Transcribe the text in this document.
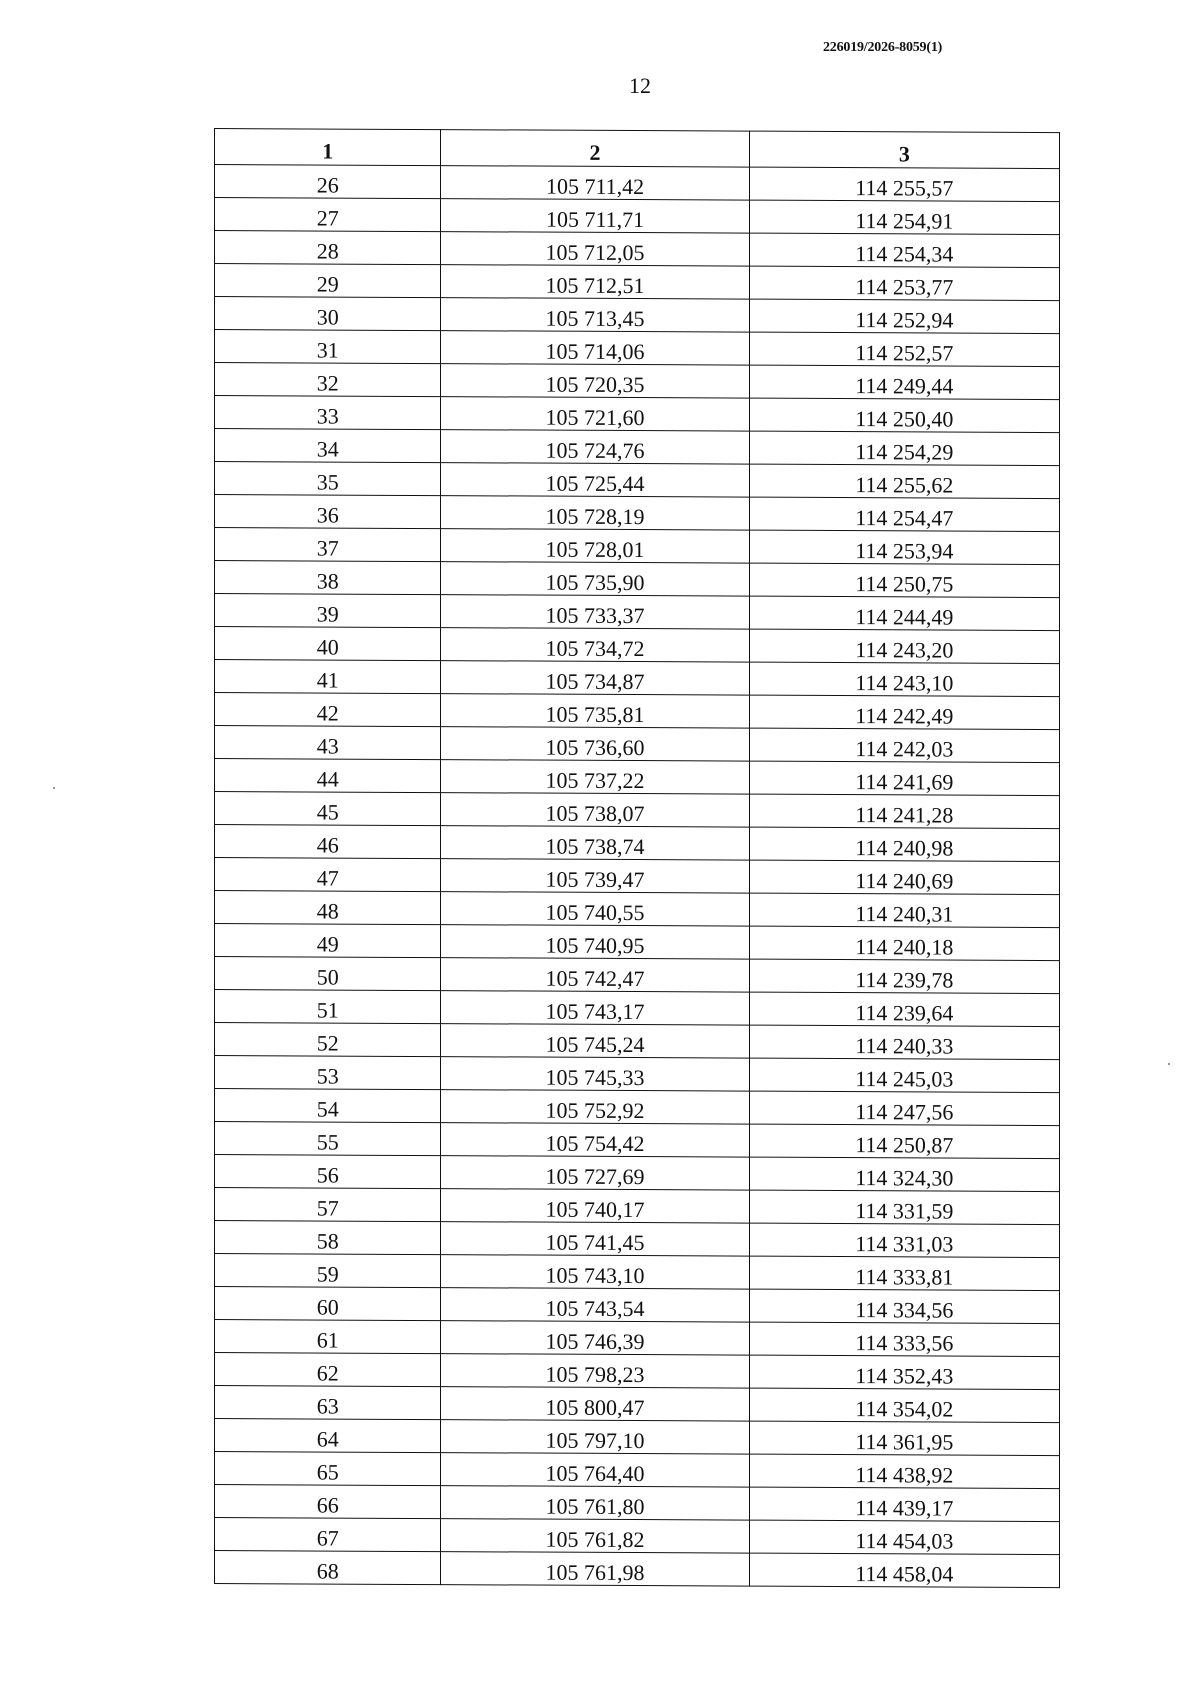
226019/2026-8059(1)
12
1	2	3
26	105 711,42	114 255,57
27	105 711,71	114 254,91
28	105 712,05	114 254,34
29	105 712,51	114 253,77
30	105 713,45	114 252,94
31	105 714,06	114 252,57
32	105 720,35	114 249,44
33	105 721,60	114 250,40
34	105 724,76	114 254,29
35	105 725,44	114 255,62
36	105 728,19	114 254,47
37	105 728,01	114 253,94
38	105 735,90	114 250,75
39	105 733,37	114 244,49
40	105 734,72	114 243,20
41	105 734,87	114 243,10
42	105 735,81	114 242,49
43	105 736,60	114 242,03
44	105 737,22	114 241,69
45	105 738,07	114 241,28
46	105 738,74	114 240,98
47	105 739,47	114 240,69
48	105 740,55	114 240,31
49	105 740,95	114 240,18
50	105 742,47	114 239,78
51	105 743,17	114 239,64
52	105 745,24	114 240,33
53	105 745,33	114 245,03
54	105 752,92	114 247,56
55	105 754,42	114 250,87
56	105 727,69	114 324,30
57	105 740,17	114 331,59
58	105 741,45	114 331,03
59	105 743,10	114 333,81
60	105 743,54	114 334,56
61	105 746,39	114 333,56
62	105 798,23	114 352,43
63	105 800,47	114 354,02
64	105 797,10	114 361,95
65	105 764,40	114 438,92
66	105 761,80	114 439,17
67	105 761,82	114 454,03
68	105 761,98	114 458,04
